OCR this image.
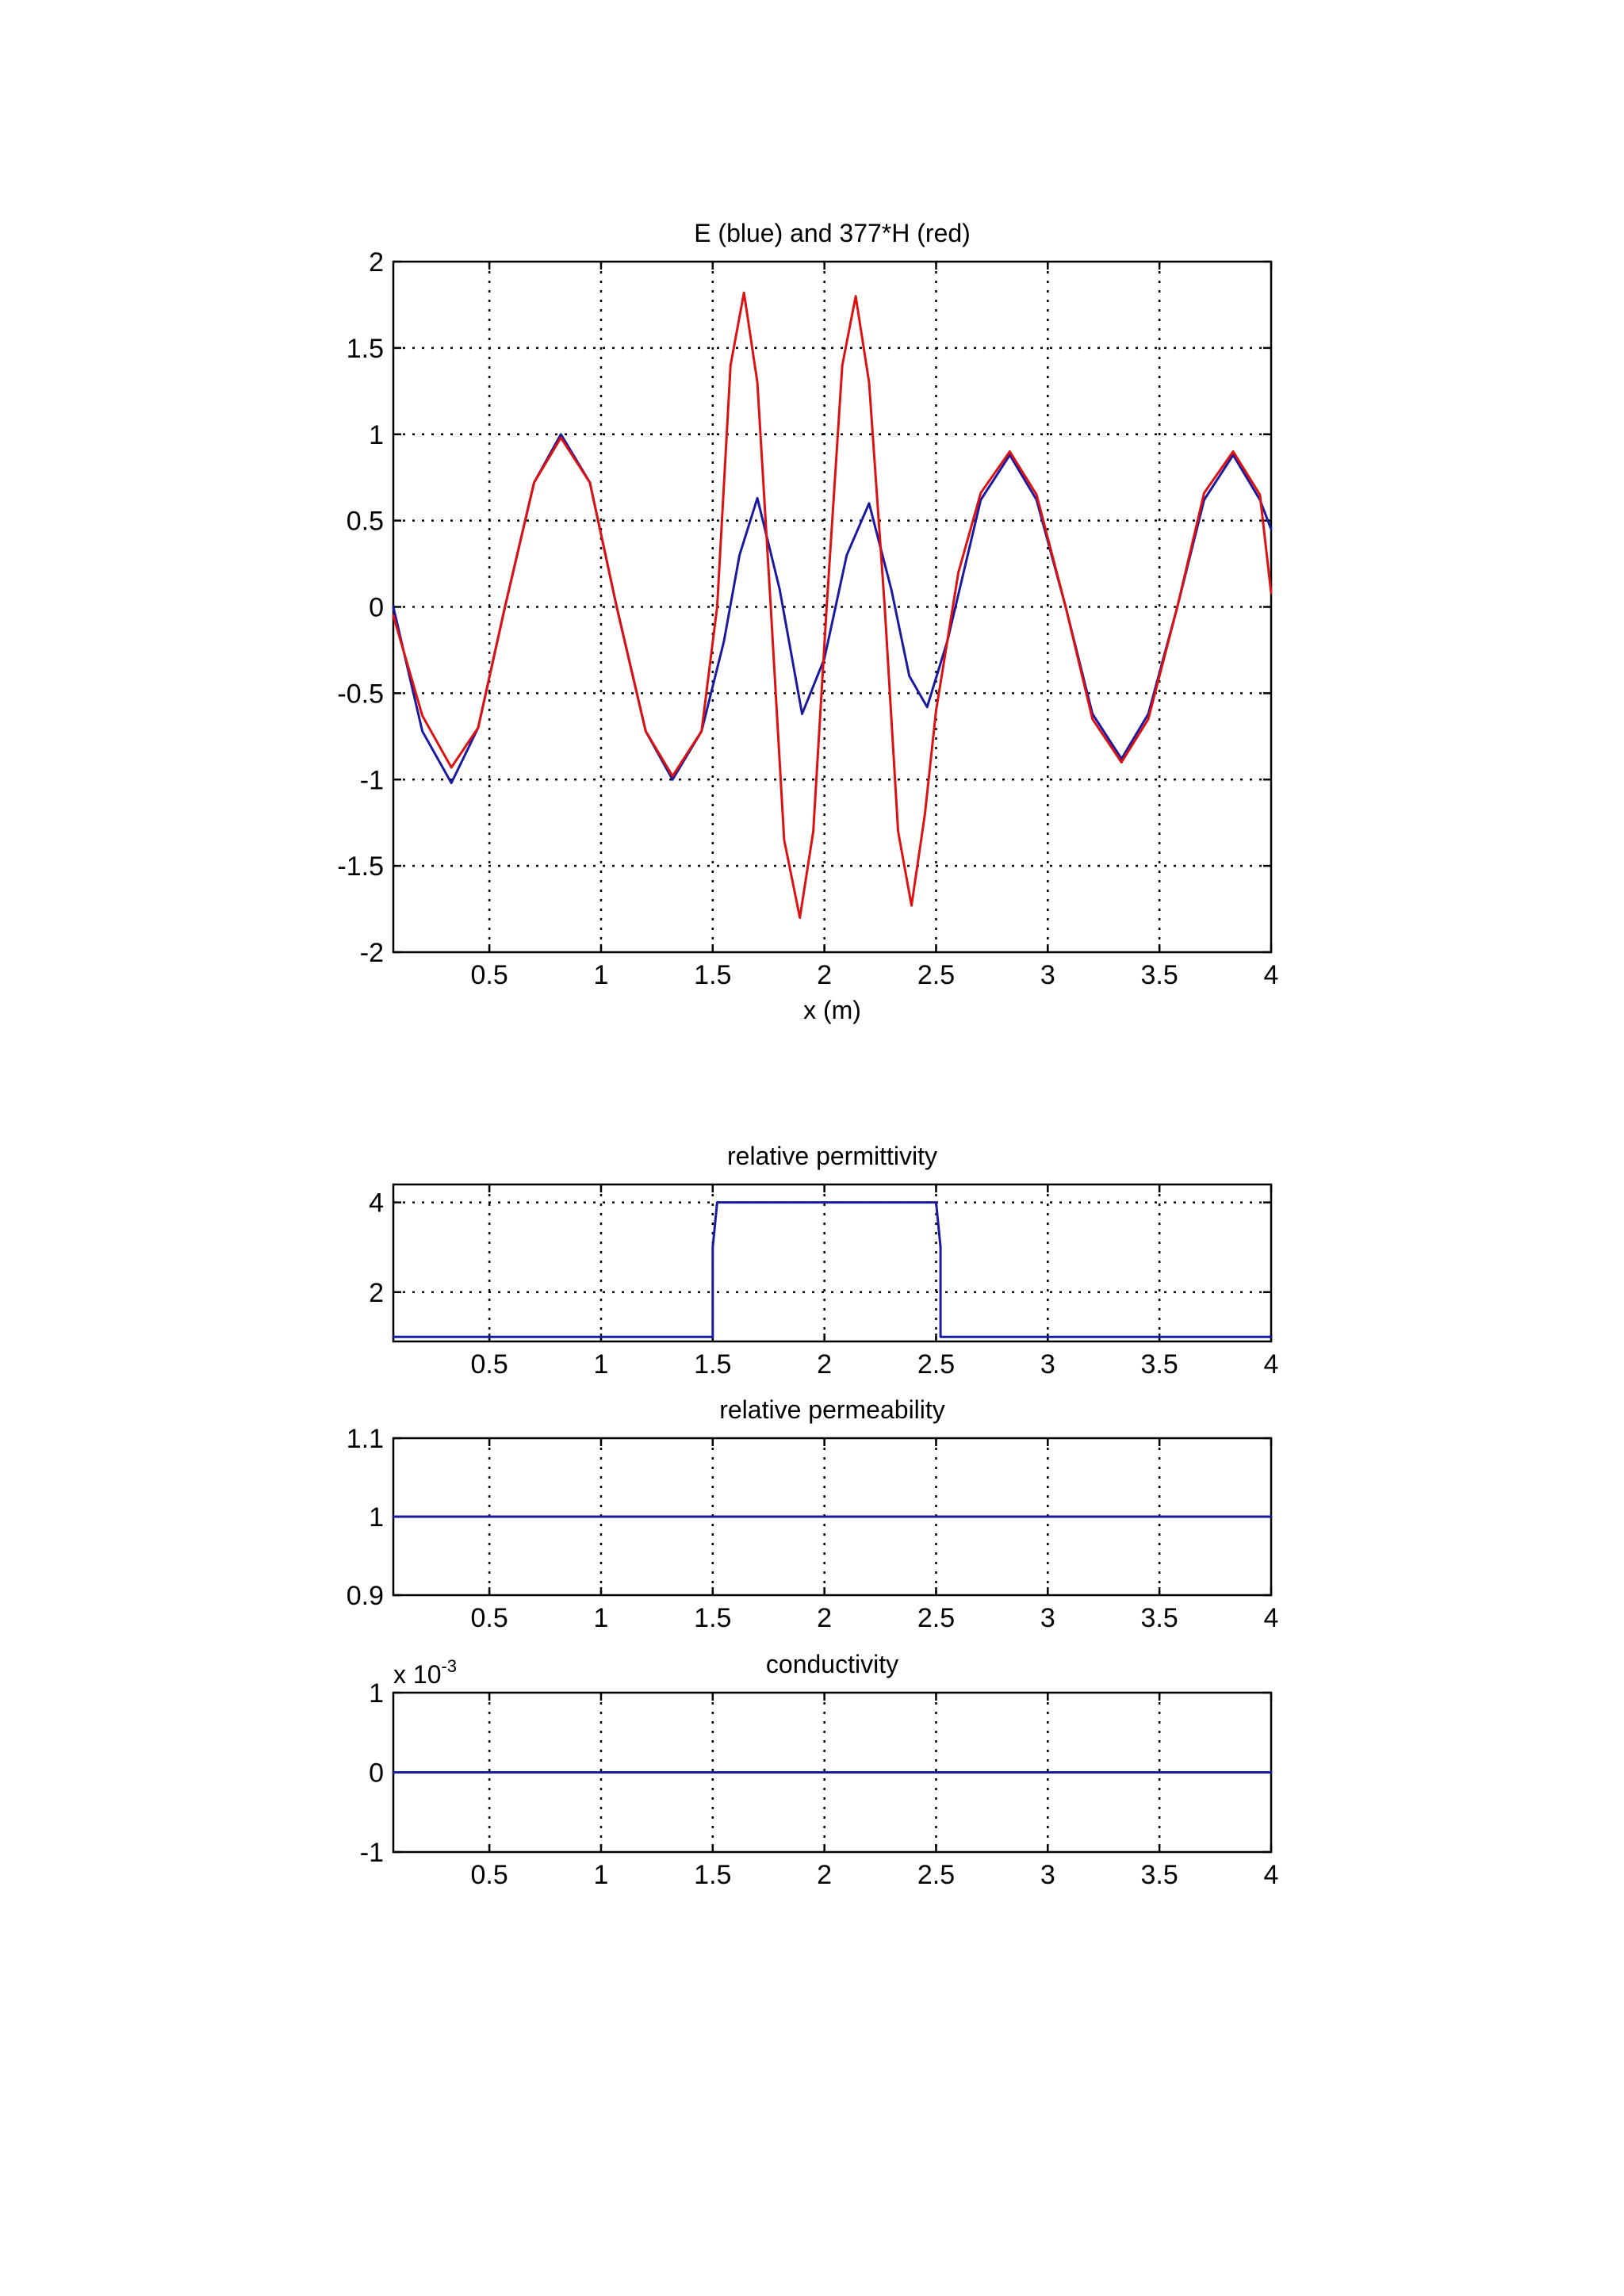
0.5	1	1.5	2	2.5	3	3.5	4
2
1.5
1
0.5
0
-0.5
-1
-1.5
-2
E (blue) and 377*H (red)
x (m)
0.5	1	1.5	2	2.5	3	3.5	4
4
2
relative permittivity
0.5	1	1.5	2	2.5	3	3.5	4
1.1
1
0.9
relative permeability
0.5	1	1.5	2	2.5	3	3.5	4
1
0
-1
conductivity
x $10^{-3}$
